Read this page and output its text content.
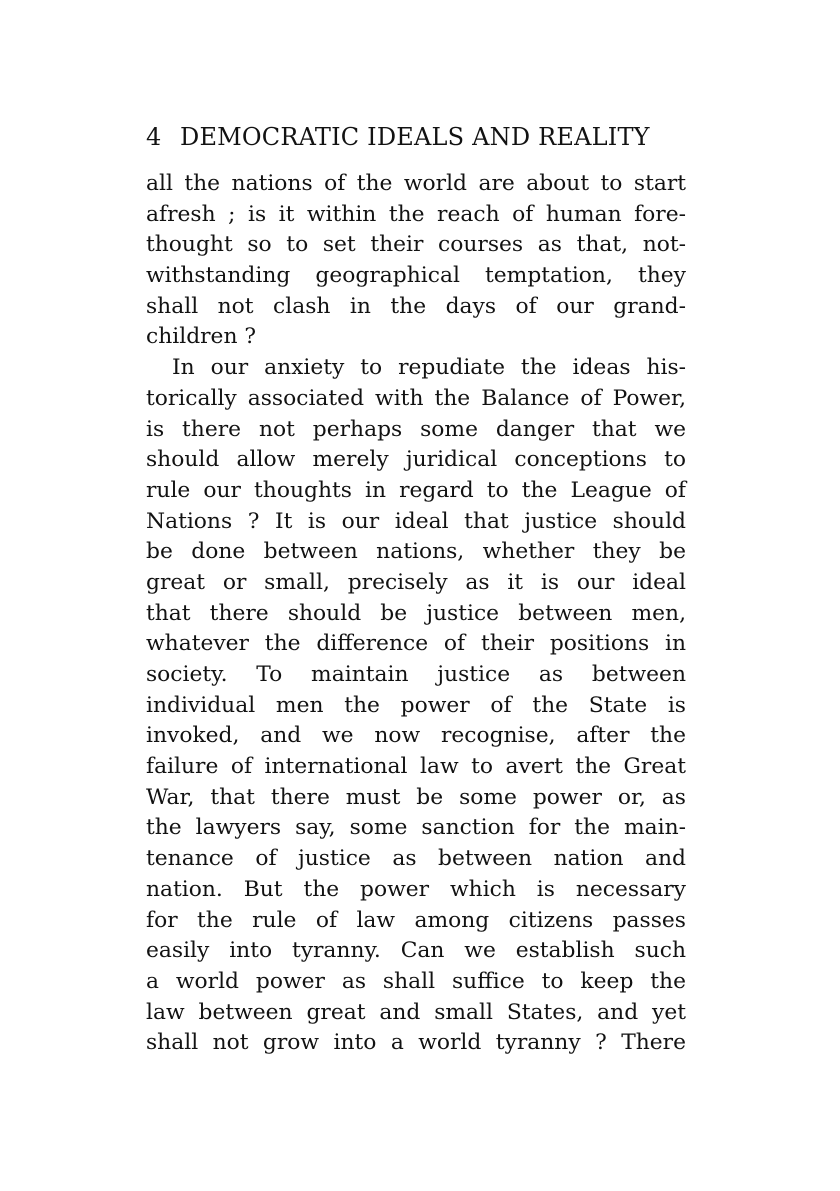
4 DEMOCRATIC IDEALS AND REALITY
all the nations of the world are about to start
afresh ; is it within the reach of human fore-
thought so to set their courses as that, not-
withstanding geographical temptation, they
shall not clash in the days of our grand-
children ?
In our anxiety to repudiate the ideas his-
torically associated with the Balance of Power,
is there not perhaps some danger that we
should allow merely juridical conceptions to
rule our thoughts in regard to the League of
Nations ? It is our ideal that justice should
be done between nations, whether they be
great or small, precisely as it is our ideal
that there should be justice between men,
whatever the difference of their positions in
society. To maintain justice as between
individual men the power of the State is
invoked, and we now recognise, after the
failure of international law to avert the Great
War, that there must be some power or, as
the lawyers say, some sanction for the main-
tenance of justice as between nation and
nation. But the power which is necessary
for the rule of law among citizens passes
easily into tyranny. Can we establish such
a world power as shall suffice to keep the
law between great and small States, and yet
shall not grow into a world tyranny ? There
